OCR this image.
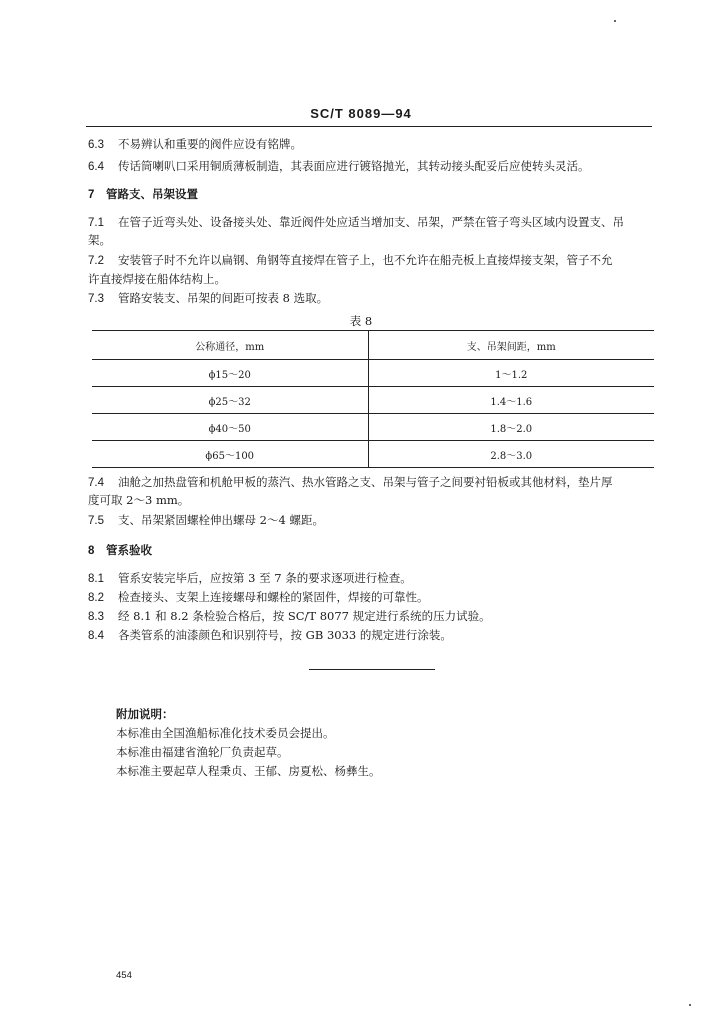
SC/T 8089—94
6.3 不易辨认和重要的阀件应设有铭牌。
6.4 传话筒喇叭口采用铜质薄板制造，其表面应进行镀铬抛光，其转动接头配妥后应使转头灵活。
7 管路支、吊架设置
7.1 在管子近弯头处、设备接头处、靠近阀件处应适当增加支、吊架，严禁在管子弯头区域内设置支、吊
架。
7.2 安装管子时不允许以扁钢、角钢等直接焊在管子上，也不允许在船壳板上直接焊接支架，管子不允
许直接焊接在船体结构上。
7.3 管路安装支、吊架的间距可按表 8 选取。
表 8
公称通径，mm	支、吊架间距，mm
ϕ15～20	1～1.2
ϕ25～32	1.4～1.6
ϕ40～50	1.8～2.0
ϕ65～100	2.8～3.0
7.4 油舱之加热盘管和机舱甲板的蒸汽、热水管路之支、吊架与管子之间要衬铅板或其他材料，垫片厚
度可取 2～3 mm。
7.5 支、吊架紧固螺栓伸出螺母 2～4 螺距。
8 管系验收
8.1 管系安装完毕后，应按第 3 至 7 条的要求逐项进行检查。
8.2 检查接头、支架上连接螺母和螺栓的紧固件，焊接的可靠性。
8.3 经 8.1 和 8.2 条检验合格后，按 SC/T 8077 规定进行系统的压力试验。
8.4 各类管系的油漆颜色和识别符号，按 GB 3033 的规定进行涂装。
附加说明：
本标准由全国渔船标准化技术委员会提出。
本标准由福建省渔轮厂负责起草。
本标准主要起草人程秉贞、王郁、房夏松、杨彝生。
454
